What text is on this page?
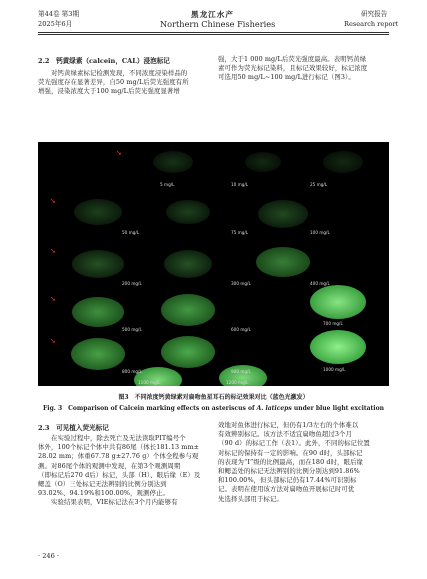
第44卷 第3期
2025年6月
黑龙江水产
Northern Chinese Fisheries
研究报告
Research report
2.2　钙黄绿素（calcein，CAL）浸泡标记
对钙黄绿素标记检测发现，不同浓度浸染样品的
荧光强度存在显著差异，自50 mg/L后荧光强度有所
增强，浸染浓度大于100 mg/L后荧光强度显著增
强，大于1 000 mg/L后荧光强度最高。表明钙黄绿
素可作为荧光标记染料，且标记效果较好，标记浓度
可选用50 mg/L~100 mg/L进行标记（图3）。
➘
➘
➘
➘
➘
5 mg/L	10 mg/L	25 mg/L
50 mg/L	75 mg/L	100 mg/L
200 mg/L	300 mg/L	400 mg/L
500 mg/L	600 mg/L
700 mg/L
800 mg/L	900 mg/L	1000 mg/L
1100 mg/L	1200 mg/L
图3　不同浓度钙黄绿素对扁吻鱼星耳石的标记效果对比（蓝色光激发）
Fig. 3　Comparison of Calcein marking effects on asteriscus of A. laticeps under blue light excitation
2.3　可见植入荧光标记
在实验过程中，除去死亡及无法读取PIT编号个
体外，100个标记个体中共有86尾（体长181.13 mm±
28.02 mm；体重67.78 g±27.76 g）个体全程参与观
测。对86尾个体的观测中发现，在第3个观测周期
（即标记后270 d后）标记，头部（H）、眼后缘（E）及
鳃盖（O）三处标记无法辨别的比例分别达到
93.02%、94.19%和100.00%，观测停止。
实验结果表明，VIE标记法在3个月内能够有
效地对鱼体进行标记，但仍有1/3左右的个体难以
有效辨别标记。该方法不适宜扁吻鱼超过3个月
（90 d）的标记工作（表1）。此外，不同的标记位置
对标记的保持有一定的影响。在90 d时，头部标记
的表现为“Ⅰ”级的比例最高，而在180 d时，眼后缘
和鳃盖处的标记无法辨别的比例分别达到91.86%
和100.00%，但头部标记仍有17.44%可识别标
记。表明在使用该方法对扁吻鱼开展标记时可优
先选择头部用于标记。
· 246 ·
